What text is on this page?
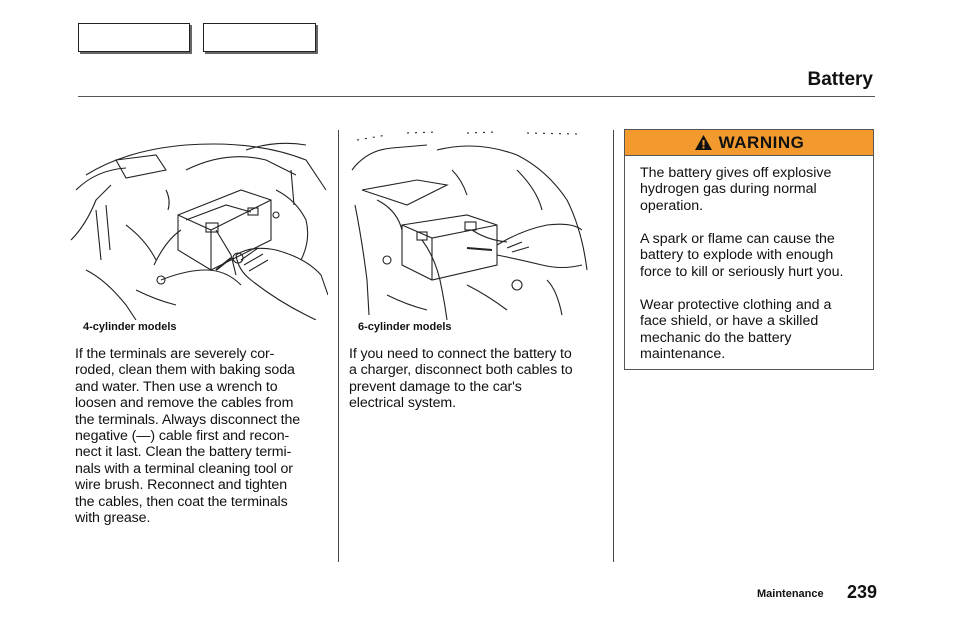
Battery

4-cylinder models	6-cylinder models

If the terminals are severely cor-
roded, clean them with baking soda
and water. Then use a wrench to
loosen and remove the cables from
the terminals. Always disconnect the
negative (—) cable first and recon-
nect it last. Clean the battery termi-
nals with a terminal cleaning tool or
wire brush. Reconnect and tighten
the cables, then coat the terminals
with grease.

If you need to connect the battery to
a charger, disconnect both cables to
prevent damage to the car's
electrical system.

WARNING

The battery gives off explosive
hydrogen gas during normal
operation.

A spark or flame can cause the
battery to explode with enough
force to kill or seriously hurt you.

Wear protective clothing and a
face shield, or have a skilled
mechanic do the battery
maintenance.

Maintenance 239
